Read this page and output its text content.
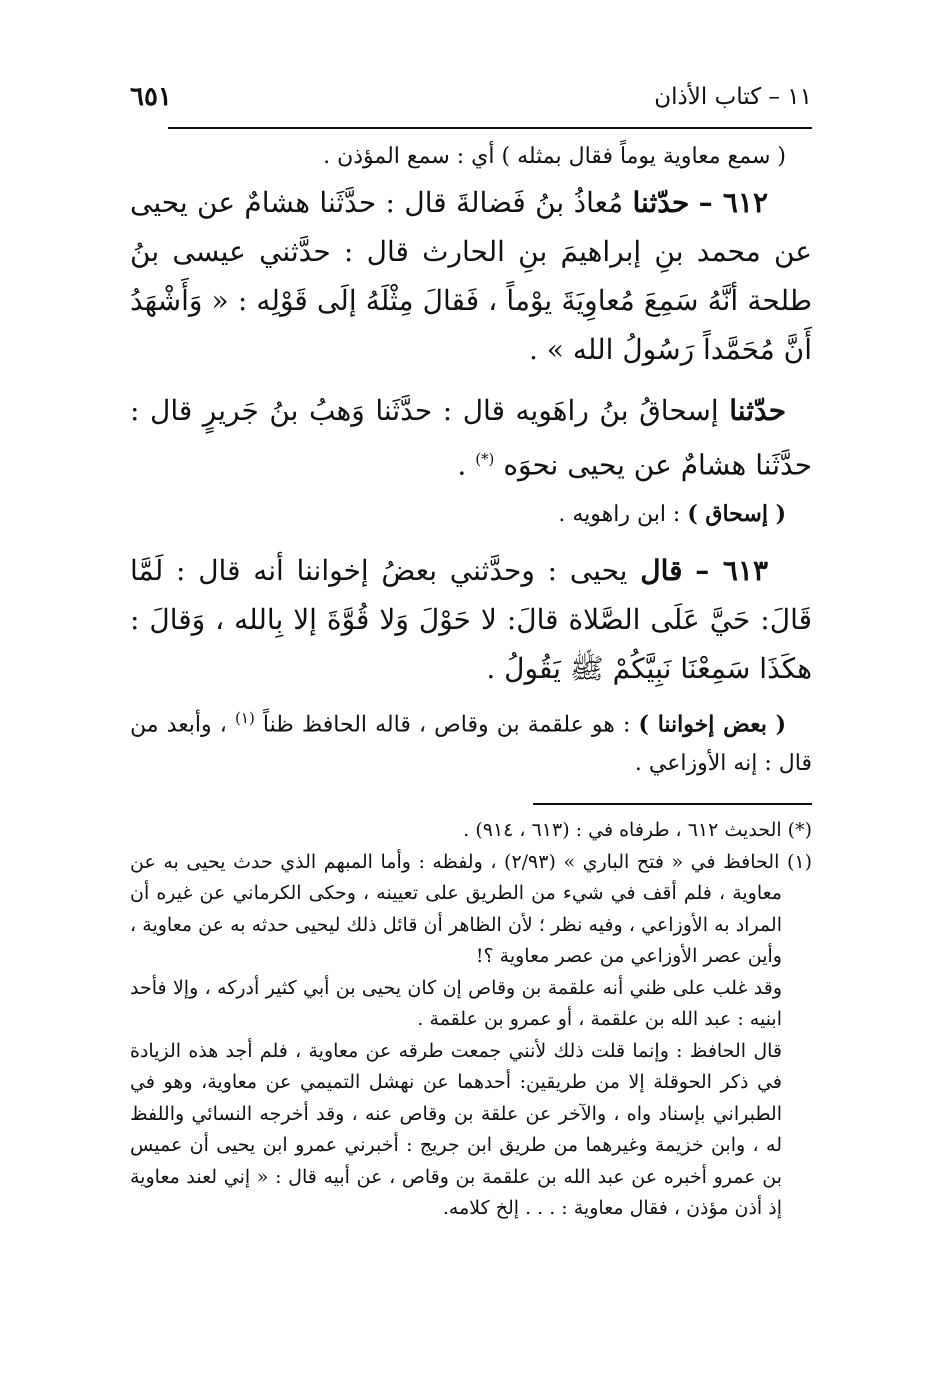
١١ – كتاب الأذان
٦٥١

( سمع معاوية يوماً فقال بمثله ) أي : سمع المؤذن .

٦١٢ – حدّثنا مُعاذُ بنُ فَضالةَ قال : حدَّثَنا هشامٌ عن يحيى عن محمد بنِ إبراهيمَ بنِ الحارث قال : حدَّثني عيسى بنُ طلحة أنَّهُ سَمِعَ مُعاوِيَةَ يوْماً ، فَقالَ مِثْلَهُ إلَى قَوْلِه : « وَأَشْهَدُ أَنَّ مُحَمَّداً رَسُولُ الله » .

حدّثنا إسحاقُ بنُ راهَويه قال : حدَّثَنا وَهبُ بنُ جَريرٍ قال : حدَّثَنا هشامٌ عن يحيى نحوَه (*) .

( إسحاق ) : ابن راهويه .

٦١٣ – قال يحيى : وحدَّثني بعضُ إخواننا أنه قال : لَمَّا قَالَ: حَيَّ عَلَى الصَّلاة قالَ: لا حَوْلَ وَلا قُوَّةَ إلا بِالله ، وَقالَ : هكَذَا سَمِعْنَا نَبِيَّكُمْ ﷺ يَقُولُ .

( بعض إخواننا ) : هو علقمة بن وقاص ، قاله الحافظ ظناً $^{(١)}$ ، وأبعد من قال : إنه الأوزاعي .

(*) الحديث ٦١٢ ، طرفاه في : (٦١٣ ، ٩١٤) .

(١) الحافظ في « فتح الباري » (٢/٩٣) ، ولفظه : وأما المبهم الذي حدث يحيى به عن معاوية ، فلم أقف في شيء من الطريق على تعيينه ، وحكى الكرماني عن غيره أن المراد به الأوزاعي ، وفيه نظر ؛ لأن الظاهر أن قائل ذلك ليحيى حدثه به عن معاوية ، وأين عصر الأوزاعي من عصر معاوية ؟!

وقد غلب على ظني أنه علقمة بن وقاص إن كان يحيى بن أبي كثير أدركه ، وإلا فأحد ابنيه : عبد الله بن علقمة ، أو عمرو بن علقمة .

قال الحافظ : وإنما قلت ذلك لأنني جمعت طرقه عن معاوية ، فلم أجد هذه الزيادة في ذكر الحوقلة إلا من طريقين: أحدهما عن نهشل التميمي عن معاوية، وهو في الطبراني بإسناد واه ، والآخر عن علقة بن وقاص عنه ، وقد أخرجه النسائي واللفظ له ، وابن خزيمة وغيرهما من طريق ابن جريج : أخبرني عمرو ابن يحيى أن عميس بن عمرو أخبره عن عبد الله بن علقمة بن وقاص ، عن أبيه قال : « إني لعند معاوية إذ أذن مؤذن ، فقال معاوية : . . . إلخ كلامه.
